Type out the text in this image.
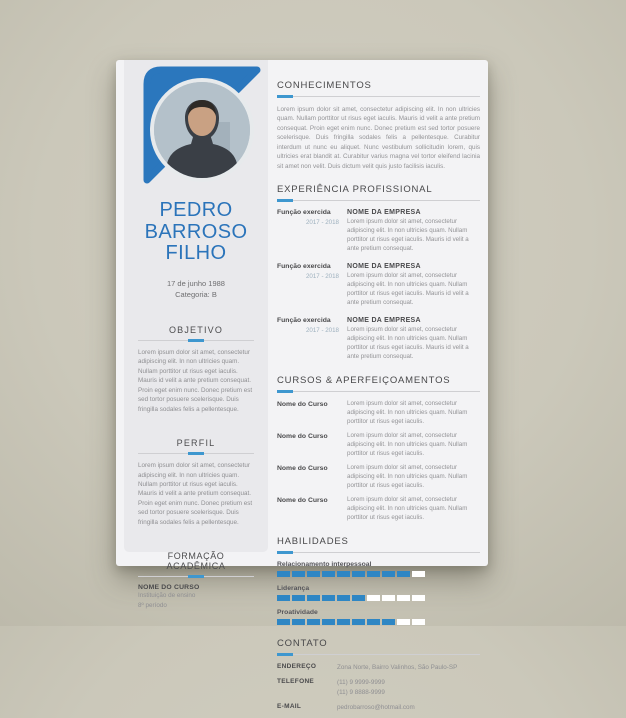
PEDRO
BARROSO
FILHO
17 de junho 1988
Categoria: B
OBJETIVO
Lorem ipsum dolor sit amet, consectetur adipiscing elit. In non ultricies quam. Nullam porttitor ut risus eget iaculis. Mauris id velit a ante pretium consequat. Proin eget enim nunc. Donec pretium est sed tortor posuere scelerisque. Duis fringilla sodales felis a pellentesque.
PERFIL
Lorem ipsum dolor sit amet, consectetur adipiscing elit. In non ultricies quam. Nullam porttitor ut risus eget iaculis. Mauris id velit a ante pretium consequat. Proin eget enim nunc. Donec pretium est sed tortor posuere scelerisque. Duis fringilla sodales felis a pellentesque.
FORMAÇÃO ACADÊMICA
NOME DO CURSO
Instituição de ensino
8º período
CONHECIMENTOS
Lorem ipsum dolor sit amet, consectetur adipiscing elit. In non ultricies quam. Nullam porttitor ut risus eget iaculis. Mauris id velit a ante pretium consequat. Proin eget enim nunc. Donec pretium est sed tortor posuere scelerisque. Duis fringilla sodales felis a pellentesque. Curabitur interdum ut nunc eu aliquet. Nunc vestibulum sollicitudin lorem, quis ultricies erat blandit at. Curabitur varius magna vel tortor eleifend lacinia sit amet non velit. Duis dictum velit quis justo facilisis iaculis.
EXPERIÊNCIA PROFISSIONAL
Função exercida
2017 - 2018
NOME DA EMPRESA
Lorem ipsum dolor sit amet, consectetur adipiscing elit. In non ultricies quam. Nullam porttitor ut risus eget iaculis. Mauris id velit a ante pretium consequat.
Função exercida
2017 - 2018
NOME DA EMPRESA
Lorem ipsum dolor sit amet, consectetur adipiscing elit. In non ultricies quam. Nullam porttitor ut risus eget iaculis. Mauris id velit a ante pretium consequat.
Função exercida
2017 - 2018
NOME DA EMPRESA
Lorem ipsum dolor sit amet, consectetur adipiscing elit. In non ultricies quam. Nullam porttitor ut risus eget iaculis. Mauris id velit a ante pretium consequat.
CURSOS & APERFEIÇOAMENTOS
Nome do Curso	Lorem ipsum dolor sit amet, consectetur adipiscing elit. In non ultricies quam. Nullam porttitor ut risus eget iaculis.
Nome do Curso	Lorem ipsum dolor sit amet, consectetur adipiscing elit. In non ultricies quam. Nullam porttitor ut risus eget iaculis.
Nome do Curso	Lorem ipsum dolor sit amet, consectetur adipiscing elit. In non ultricies quam. Nullam porttitor ut risus eget iaculis.
Nome do Curso	Lorem ipsum dolor sit amet, consectetur adipiscing elit. In non ultricies quam. Nullam porttitor ut risus eget iaculis.
HABILIDADES
Relacionamento interpessoal
Liderança
Proatividade
CONTATO
ENDEREÇO	Zona Norte, Bairro Valinhos, São Paulo-SP
TELEFONE	(11) 9 9999-9999
(11) 9 8888-9999
E-MAIL	pedrobarroso@hotmail.com
